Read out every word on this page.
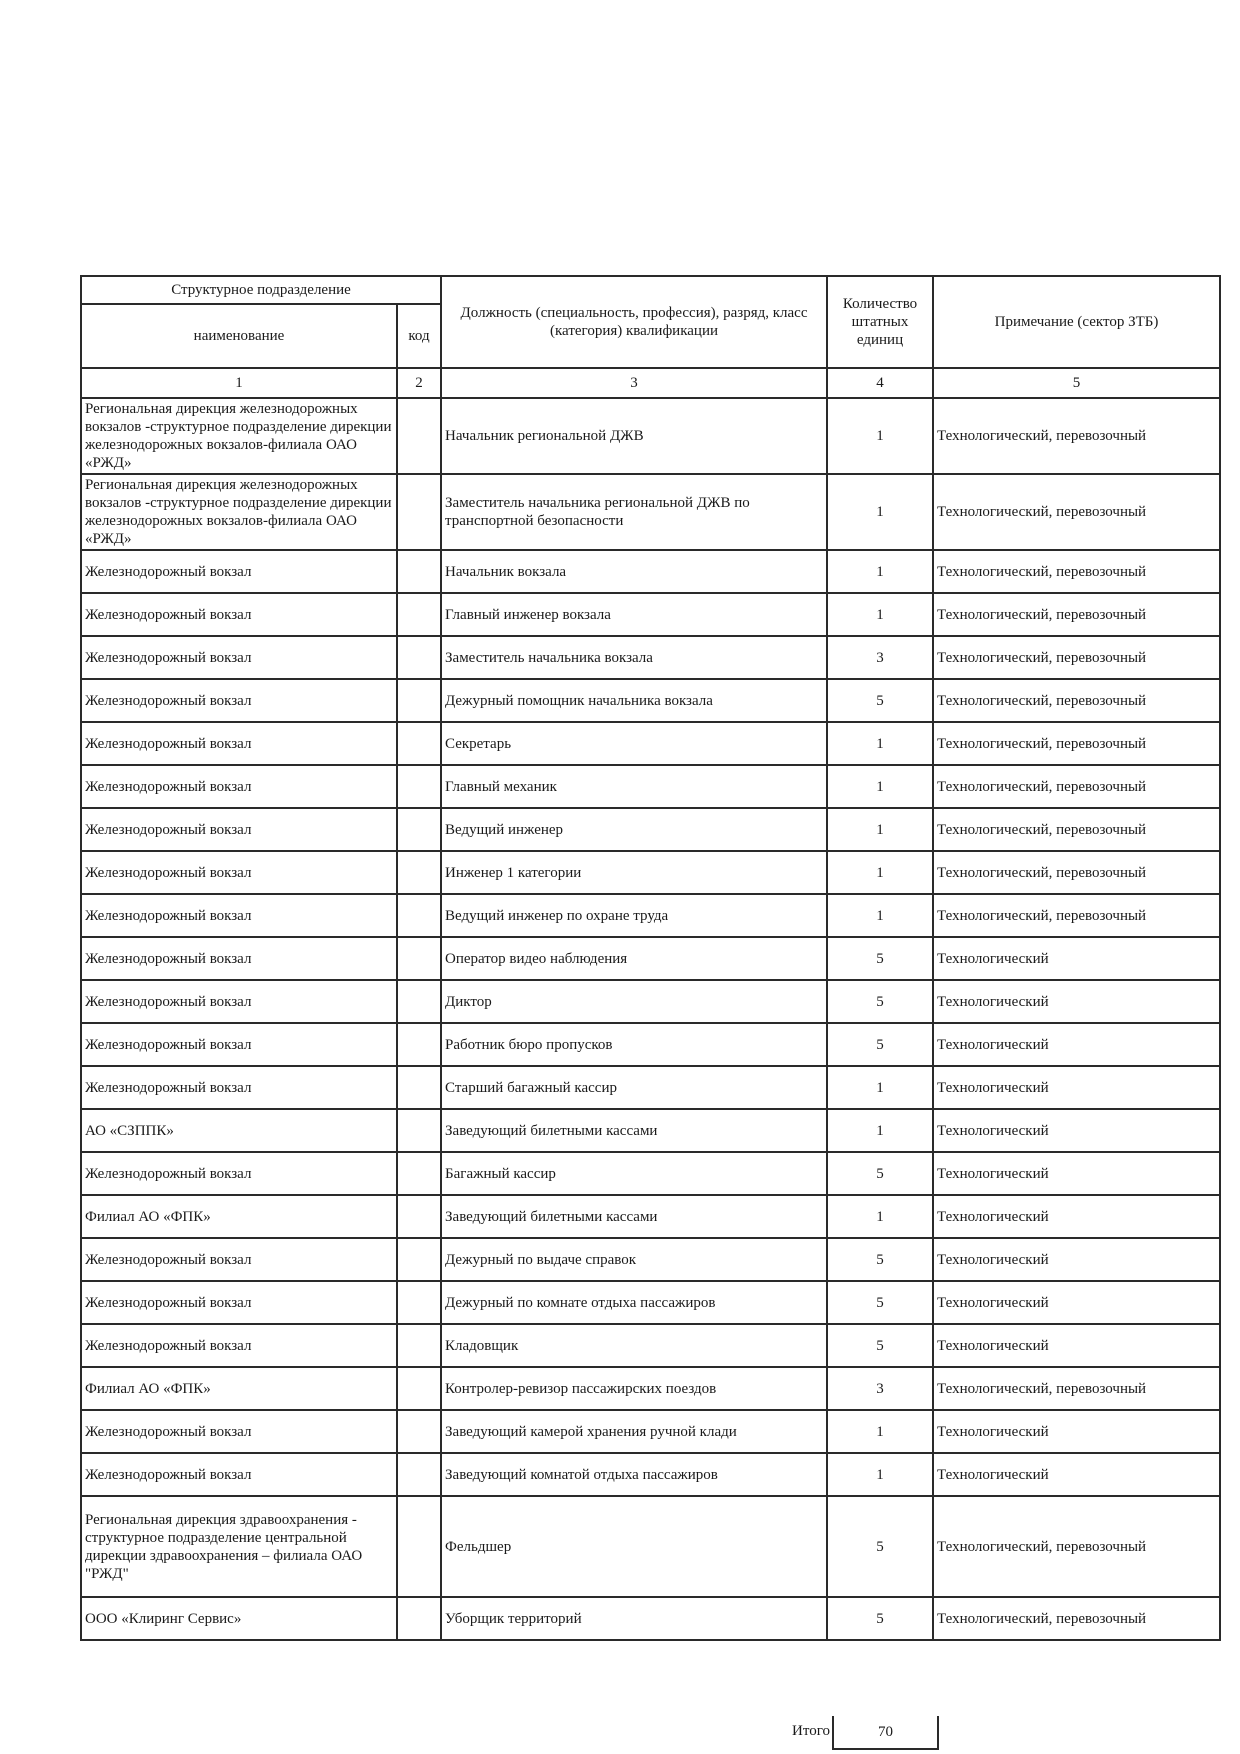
Структурное подразделение		Должность (специальность, профессия), разряд, класс (категория) квалификации	Количество штатных единиц	Примечание (сектор ЗТБ)
наименование	код			
1	2	3	4	5
Региональная дирекция железнодорожных вокзалов -структурное подразделение дирекции железнодорожных вокзалов-филиала ОАО «РЖД»		Начальник региональной ДЖВ	1	Технологический, перевозочный
Региональная дирекция железнодорожных вокзалов -структурное подразделение дирекции железнодорожных вокзалов-филиала ОАО «РЖД»		Заместитель начальника региональной ДЖВ по транспортной безопасности	1	Технологический, перевозочный
Железнодорожный вокзал		Начальник вокзала	1	Технологический, перевозочный
Железнодорожный вокзал		Главный инженер вокзала	1	Технологический, перевозочный
Железнодорожный вокзал		Заместитель начальника вокзала	3	Технологический, перевозочный
Железнодорожный вокзал		Дежурный помощник начальника вокзала	5	Технологический, перевозочный
Железнодорожный вокзал		Секретарь	1	Технологический, перевозочный
Железнодорожный вокзал		Главный механик	1	Технологический, перевозочный
Железнодорожный вокзал		Ведущий инженер	1	Технологический, перевозочный
Железнодорожный вокзал		Инженер 1 категории	1	Технологический, перевозочный
Железнодорожный вокзал		Ведущий инженер по охране труда	1	Технологический, перевозочный
Железнодорожный вокзал		Оператор видео наблюдения	5	Технологический
Железнодорожный вокзал		Диктор	5	Технологический
Железнодорожный вокзал		Работник бюро пропусков	5	Технологический
Железнодорожный вокзал		Старший багажный кассир	1	Технологический
АО «СЗППК»		Заведующий билетными кассами	1	Технологический
Железнодорожный вокзал		Багажный кассир	5	Технологический
Филиал АО «ФПК»		Заведующий билетными кассами	1	Технологический
Железнодорожный вокзал		Дежурный по выдаче справок	5	Технологический
Железнодорожный вокзал		Дежурный по комнате отдыха пассажиров	5	Технологический
Железнодорожный вокзал		Кладовщик	5	Технологический
Филиал АО «ФПК»		Контролер-ревизор пассажирских поездов	3	Технологический, перевозочный
Железнодорожный вокзал		Заведующий камерой хранения ручной клади	1	Технологический
Железнодорожный вокзал		Заведующий комнатой отдыха пассажиров	1	Технологический
Региональная дирекция здравоохранения - структурное подразделение центральной дирекции здравоохранения – филиала ОАО "РЖД"		Фельдшер	5	Технологический, перевозочный
ООО «Клиринг Сервис»		Уборщик территорий	5	Технологический, перевозочный
Итого	70
